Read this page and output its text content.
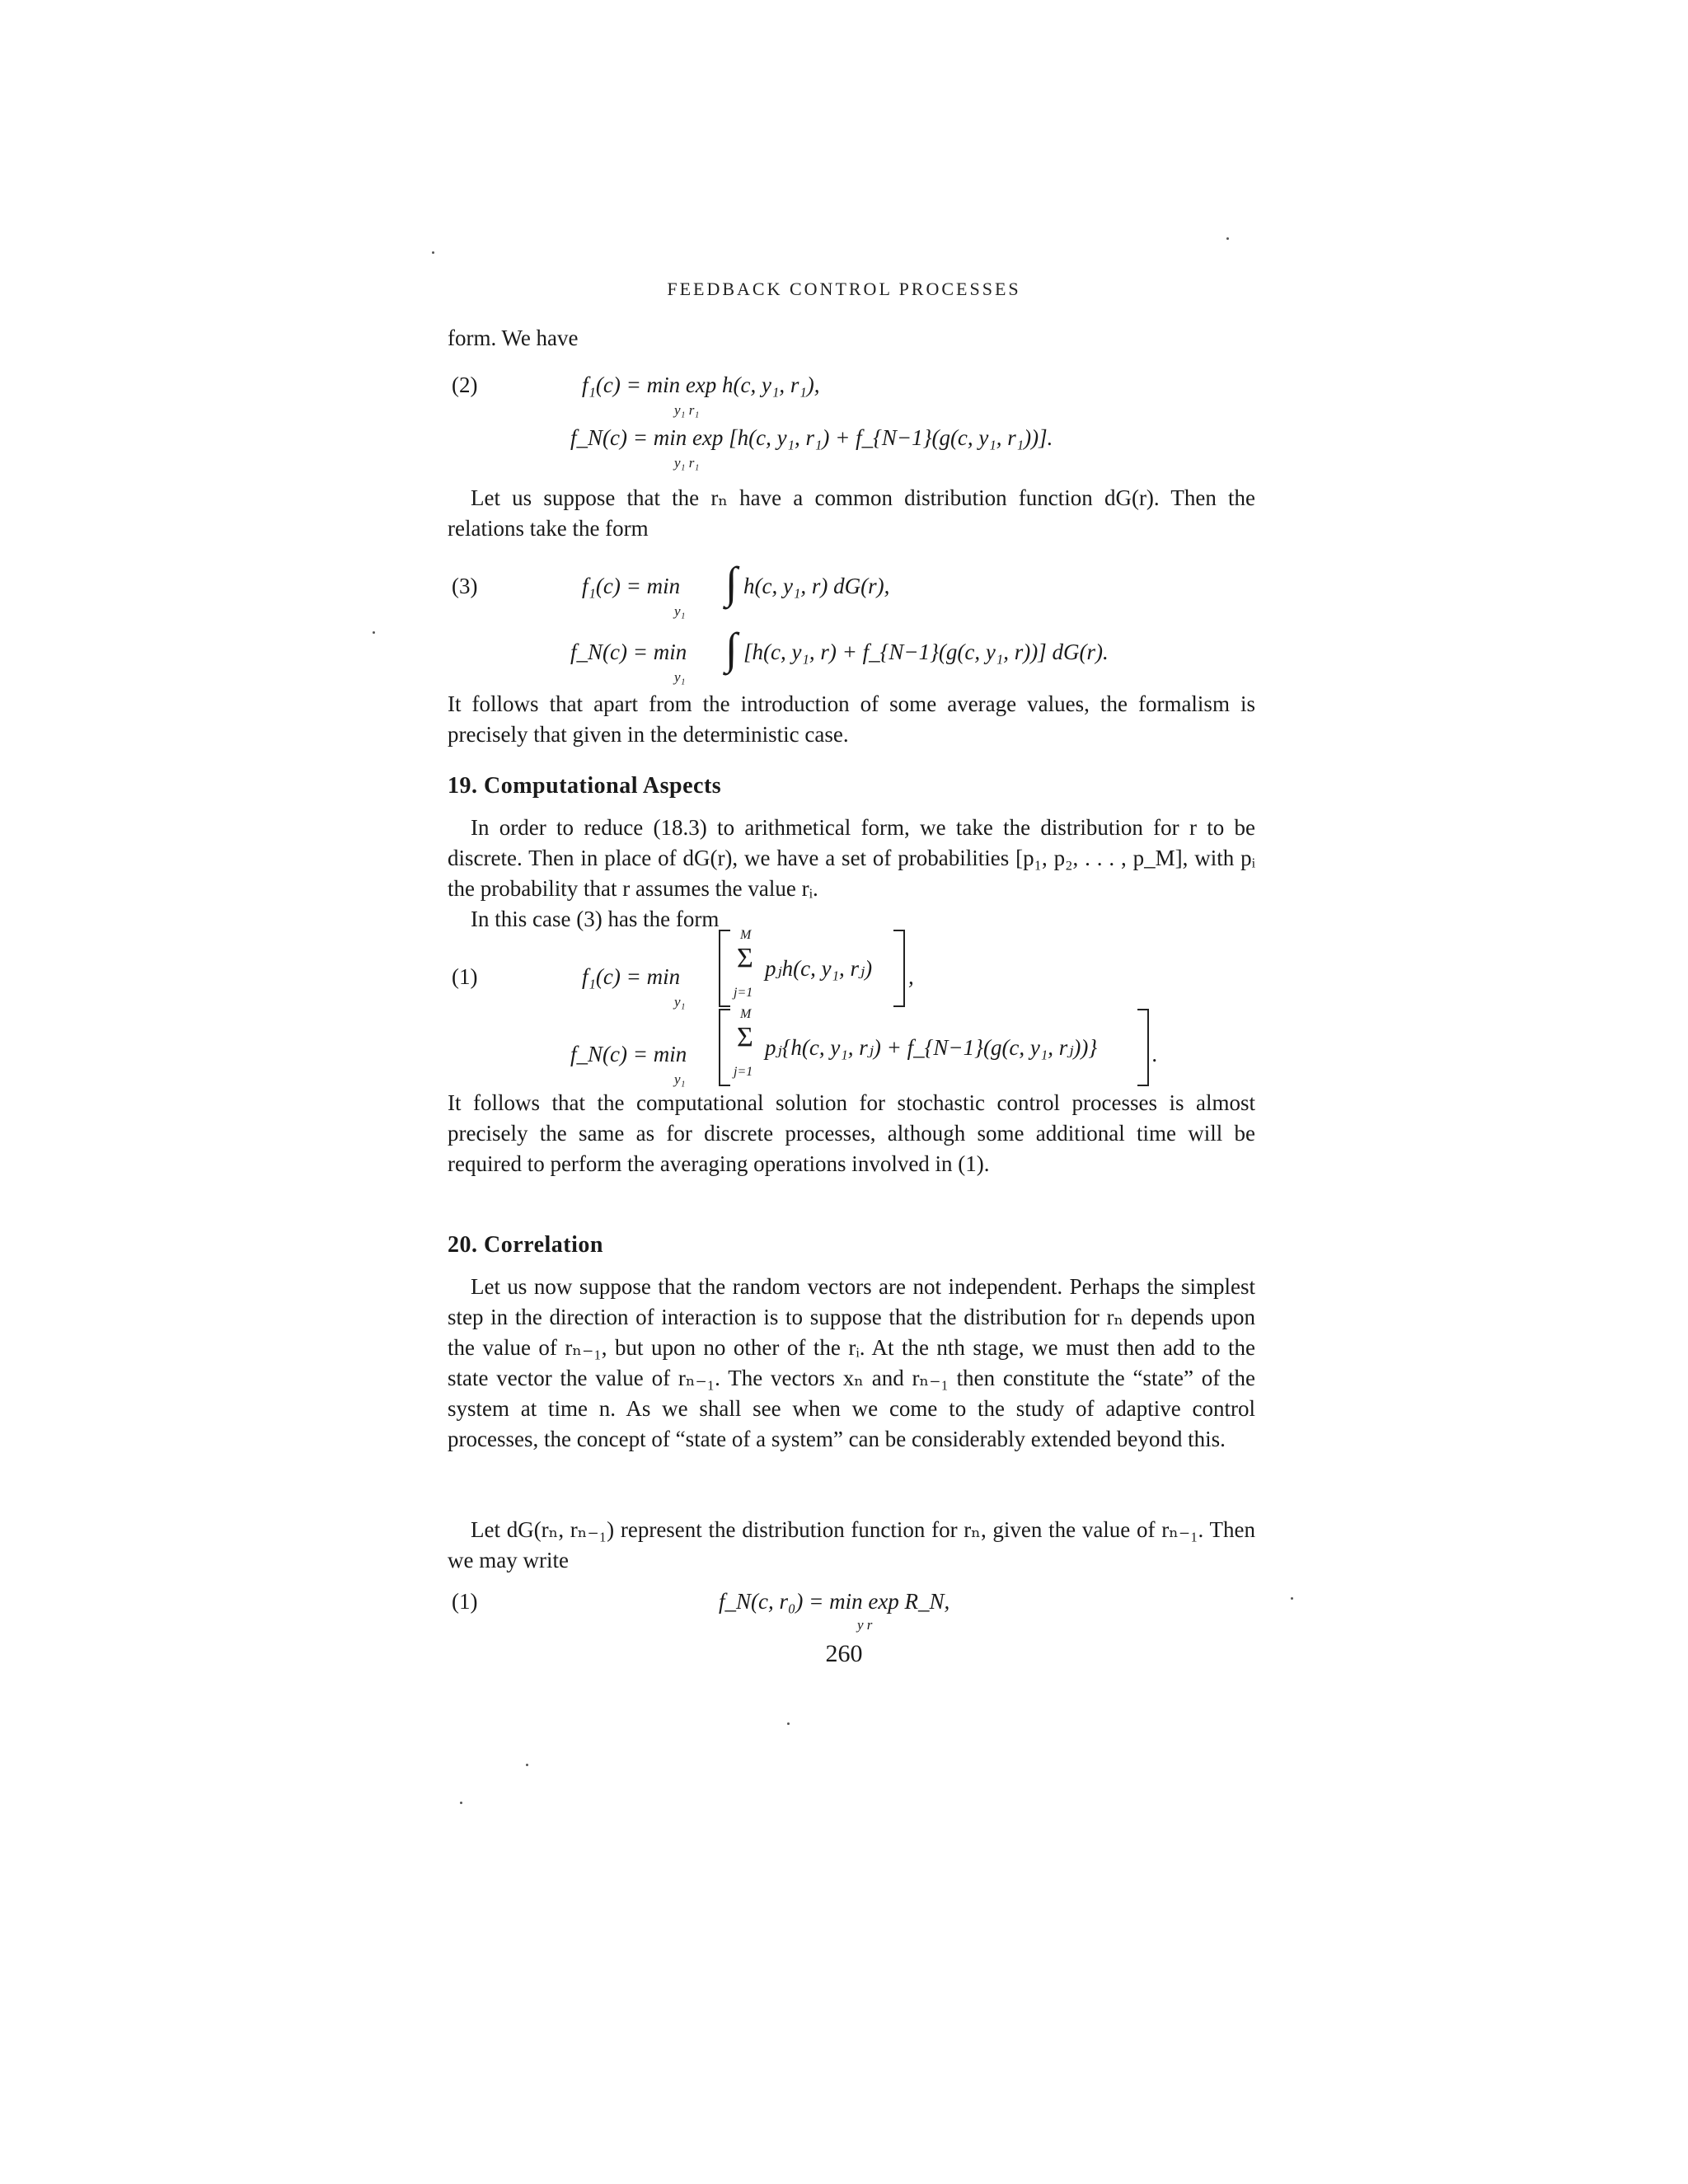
FEEDBACK CONTROL PROCESSES
form. We have
(2)	f₁(c) = min exp h(c, y₁, r₁),
y₁ r₁
f_N(c) = min exp [h(c, y₁, r₁) + f_{N−1}(g(c, y₁, r₁))].
y₁ r₁
Let us suppose that the rₙ have a common distribution function dG(r). Then the relations take the form
(3)	f₁(c) = min
y₁
∫ h(c, y₁, r) dG(r),
f_N(c) = min
y₁
∫ [h(c, y₁, r) + f_{N−1}(g(c, y₁, r))] dG(r).
It follows that apart from the introduction of some average values, the formalism is precisely that given in the deterministic case.
19. Computational Aspects
In order to reduce (18.3) to arithmetical form, we take the distribution for r to be discrete. Then in place of dG(r), we have a set of probabilities [p₁, p₂, . . . , p_M], with pᵢ the probability that r assumes the value rᵢ.
In this case (3) has the form
(1)	f₁(c) = min
y₁
M
Σ
j=1
pⱼh(c, y₁, rⱼ) ,
f_N(c) = min
y₁
M
Σ
j=1
pⱼ{h(c, y₁, rⱼ) + f_{N−1}(g(c, y₁, rⱼ))} .
It follows that the computational solution for stochastic control processes is almost precisely the same as for discrete processes, although some additional time will be required to perform the averaging operations involved in (1).
20. Correlation
Let us now suppose that the random vectors are not independent. Perhaps the simplest step in the direction of interaction is to suppose that the distribution for rₙ depends upon the value of rₙ₋₁, but upon no other of the rᵢ. At the nth stage, we must then add to the state vector the value of rₙ₋₁. The vectors xₙ and rₙ₋₁ then constitute the “state” of the system at time n. As we shall see when we come to the study of adaptive control processes, the concept of “state of a system” can be considerably extended beyond this.
Let dG(rₙ, rₙ₋₁) represent the distribution function for rₙ, given the value of rₙ₋₁. Then we may write
(1)	f_N(c, r₀) = min exp R_N,
y r
260
